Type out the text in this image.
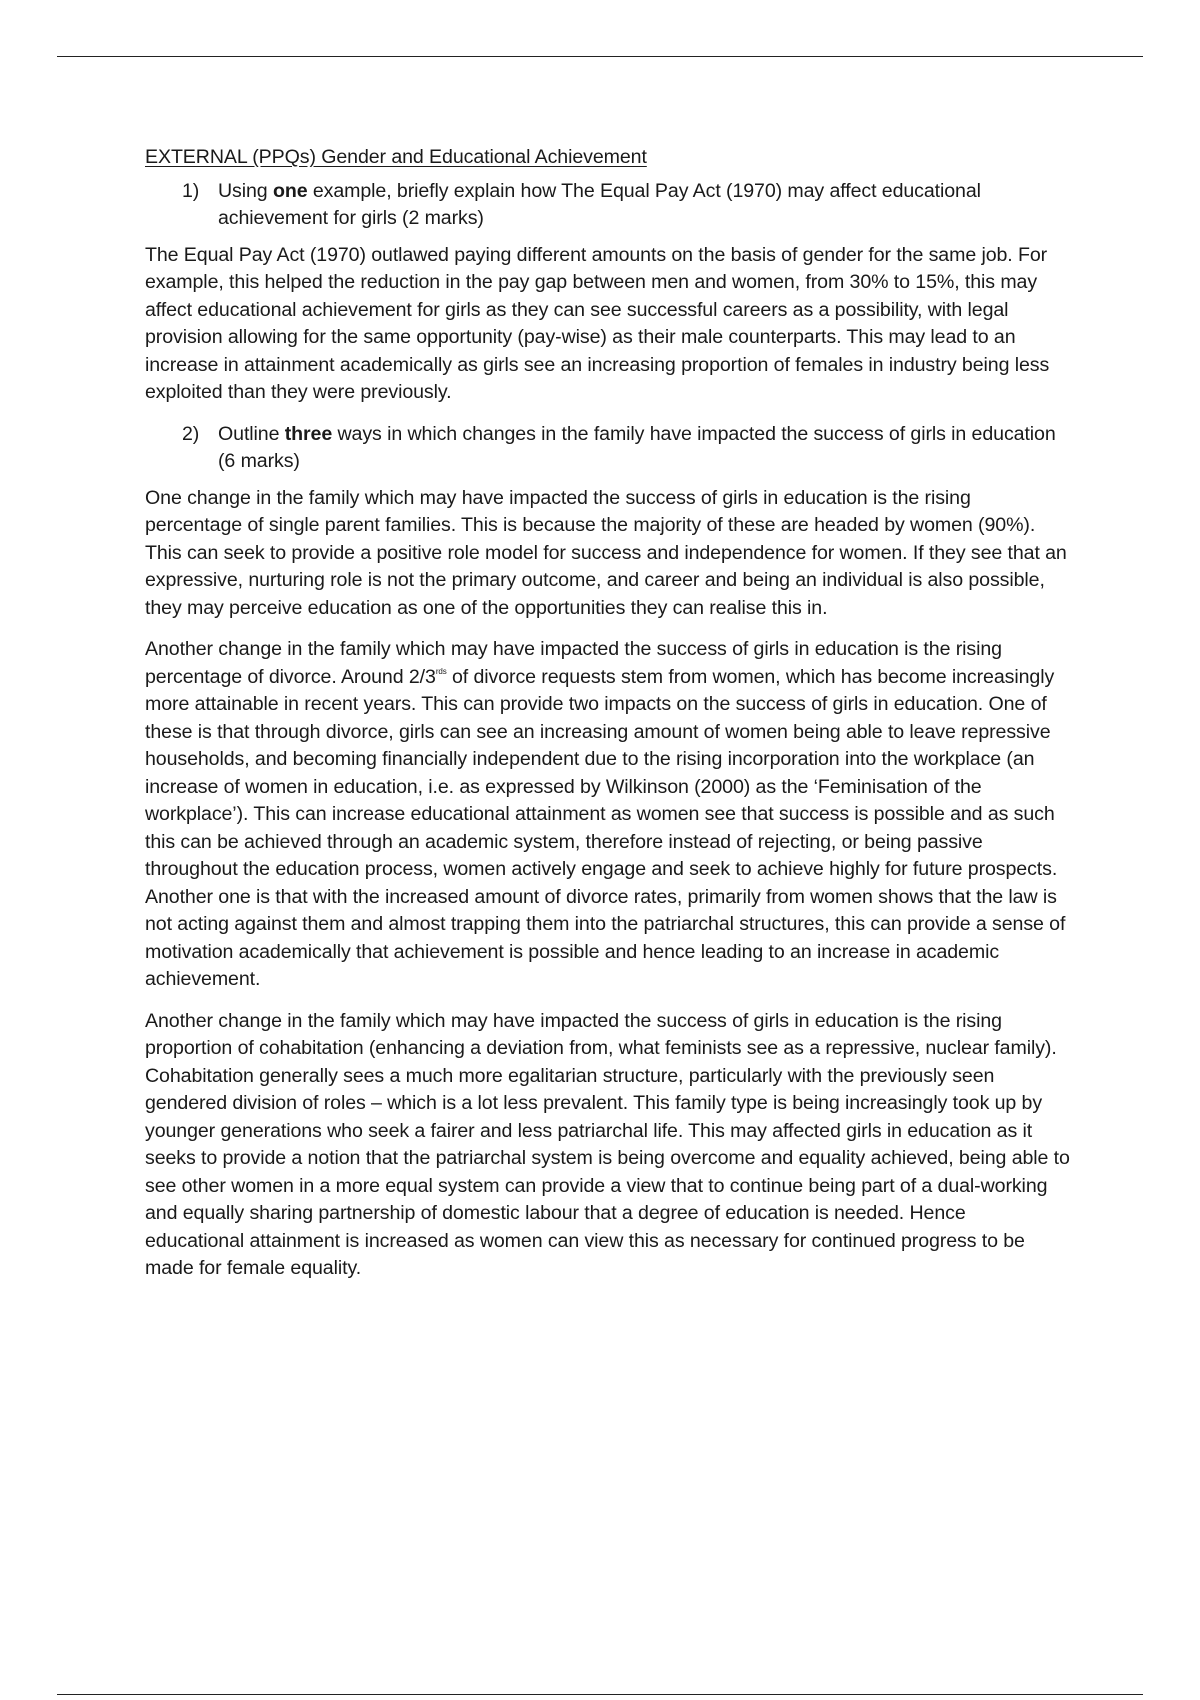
EXTERNAL (PPQs) Gender and Educational Achievement

1) Using one example, briefly explain how The Equal Pay Act (1970) may affect educational achievement for girls (2 marks)

The Equal Pay Act (1970) outlawed paying different amounts on the basis of gender for the same job. For example, this helped the reduction in the pay gap between men and women, from 30% to 15%, this may affect educational achievement for girls as they can see successful careers as a possibility, with legal provision allowing for the same opportunity (pay-wise) as their male counterparts. This may lead to an increase in attainment academically as girls see an increasing proportion of females in industry being less exploited than they were previously.

2) Outline three ways in which changes in the family have impacted the success of girls in education (6 marks)

One change in the family which may have impacted the success of girls in education is the rising percentage of single parent families. This is because the majority of these are headed by women (90%). This can seek to provide a positive role model for success and independence for women. If they see that an expressive, nurturing role is not the primary outcome, and career and being an individual is also possible, they may perceive education as one of the opportunities they can realise this in.

Another change in the family which may have impacted the success of girls in education is the rising percentage of divorce. Around $2/3^{rds}$ of divorce requests stem from women, which has become increasingly more attainable in recent years. This can provide two impacts on the success of girls in education. One of these is that through divorce, girls can see an increasing amount of women being able to leave repressive households, and becoming financially independent due to the rising incorporation into the workplace (an increase of women in education, i.e. as expressed by Wilkinson (2000) as the ‘Feminisation of the workplace’). This can increase educational attainment as women see that success is possible and as such this can be achieved through an academic system, therefore instead of rejecting, or being passive throughout the education process, women actively engage and seek to achieve highly for future prospects. Another one is that with the increased amount of divorce rates, primarily from women shows that the law is not acting against them and almost trapping them into the patriarchal structures, this can provide a sense of motivation academically that achievement is possible and hence leading to an increase in academic achievement.

Another change in the family which may have impacted the success of girls in education is the rising proportion of cohabitation (enhancing a deviation from, what feminists see as a repressive, nuclear family). Cohabitation generally sees a much more egalitarian structure, particularly with the previously seen gendered division of roles – which is a lot less prevalent. This family type is being increasingly took up by younger generations who seek a fairer and less patriarchal life. This may affected girls in education as it seeks to provide a notion that the patriarchal system is being overcome and equality achieved, being able to see other women in a more equal system can provide a view that to continue being part of a dual-working and equally sharing partnership of domestic labour that a degree of education is needed. Hence educational attainment is increased as women can view this as necessary for continued progress to be made for female equality.
